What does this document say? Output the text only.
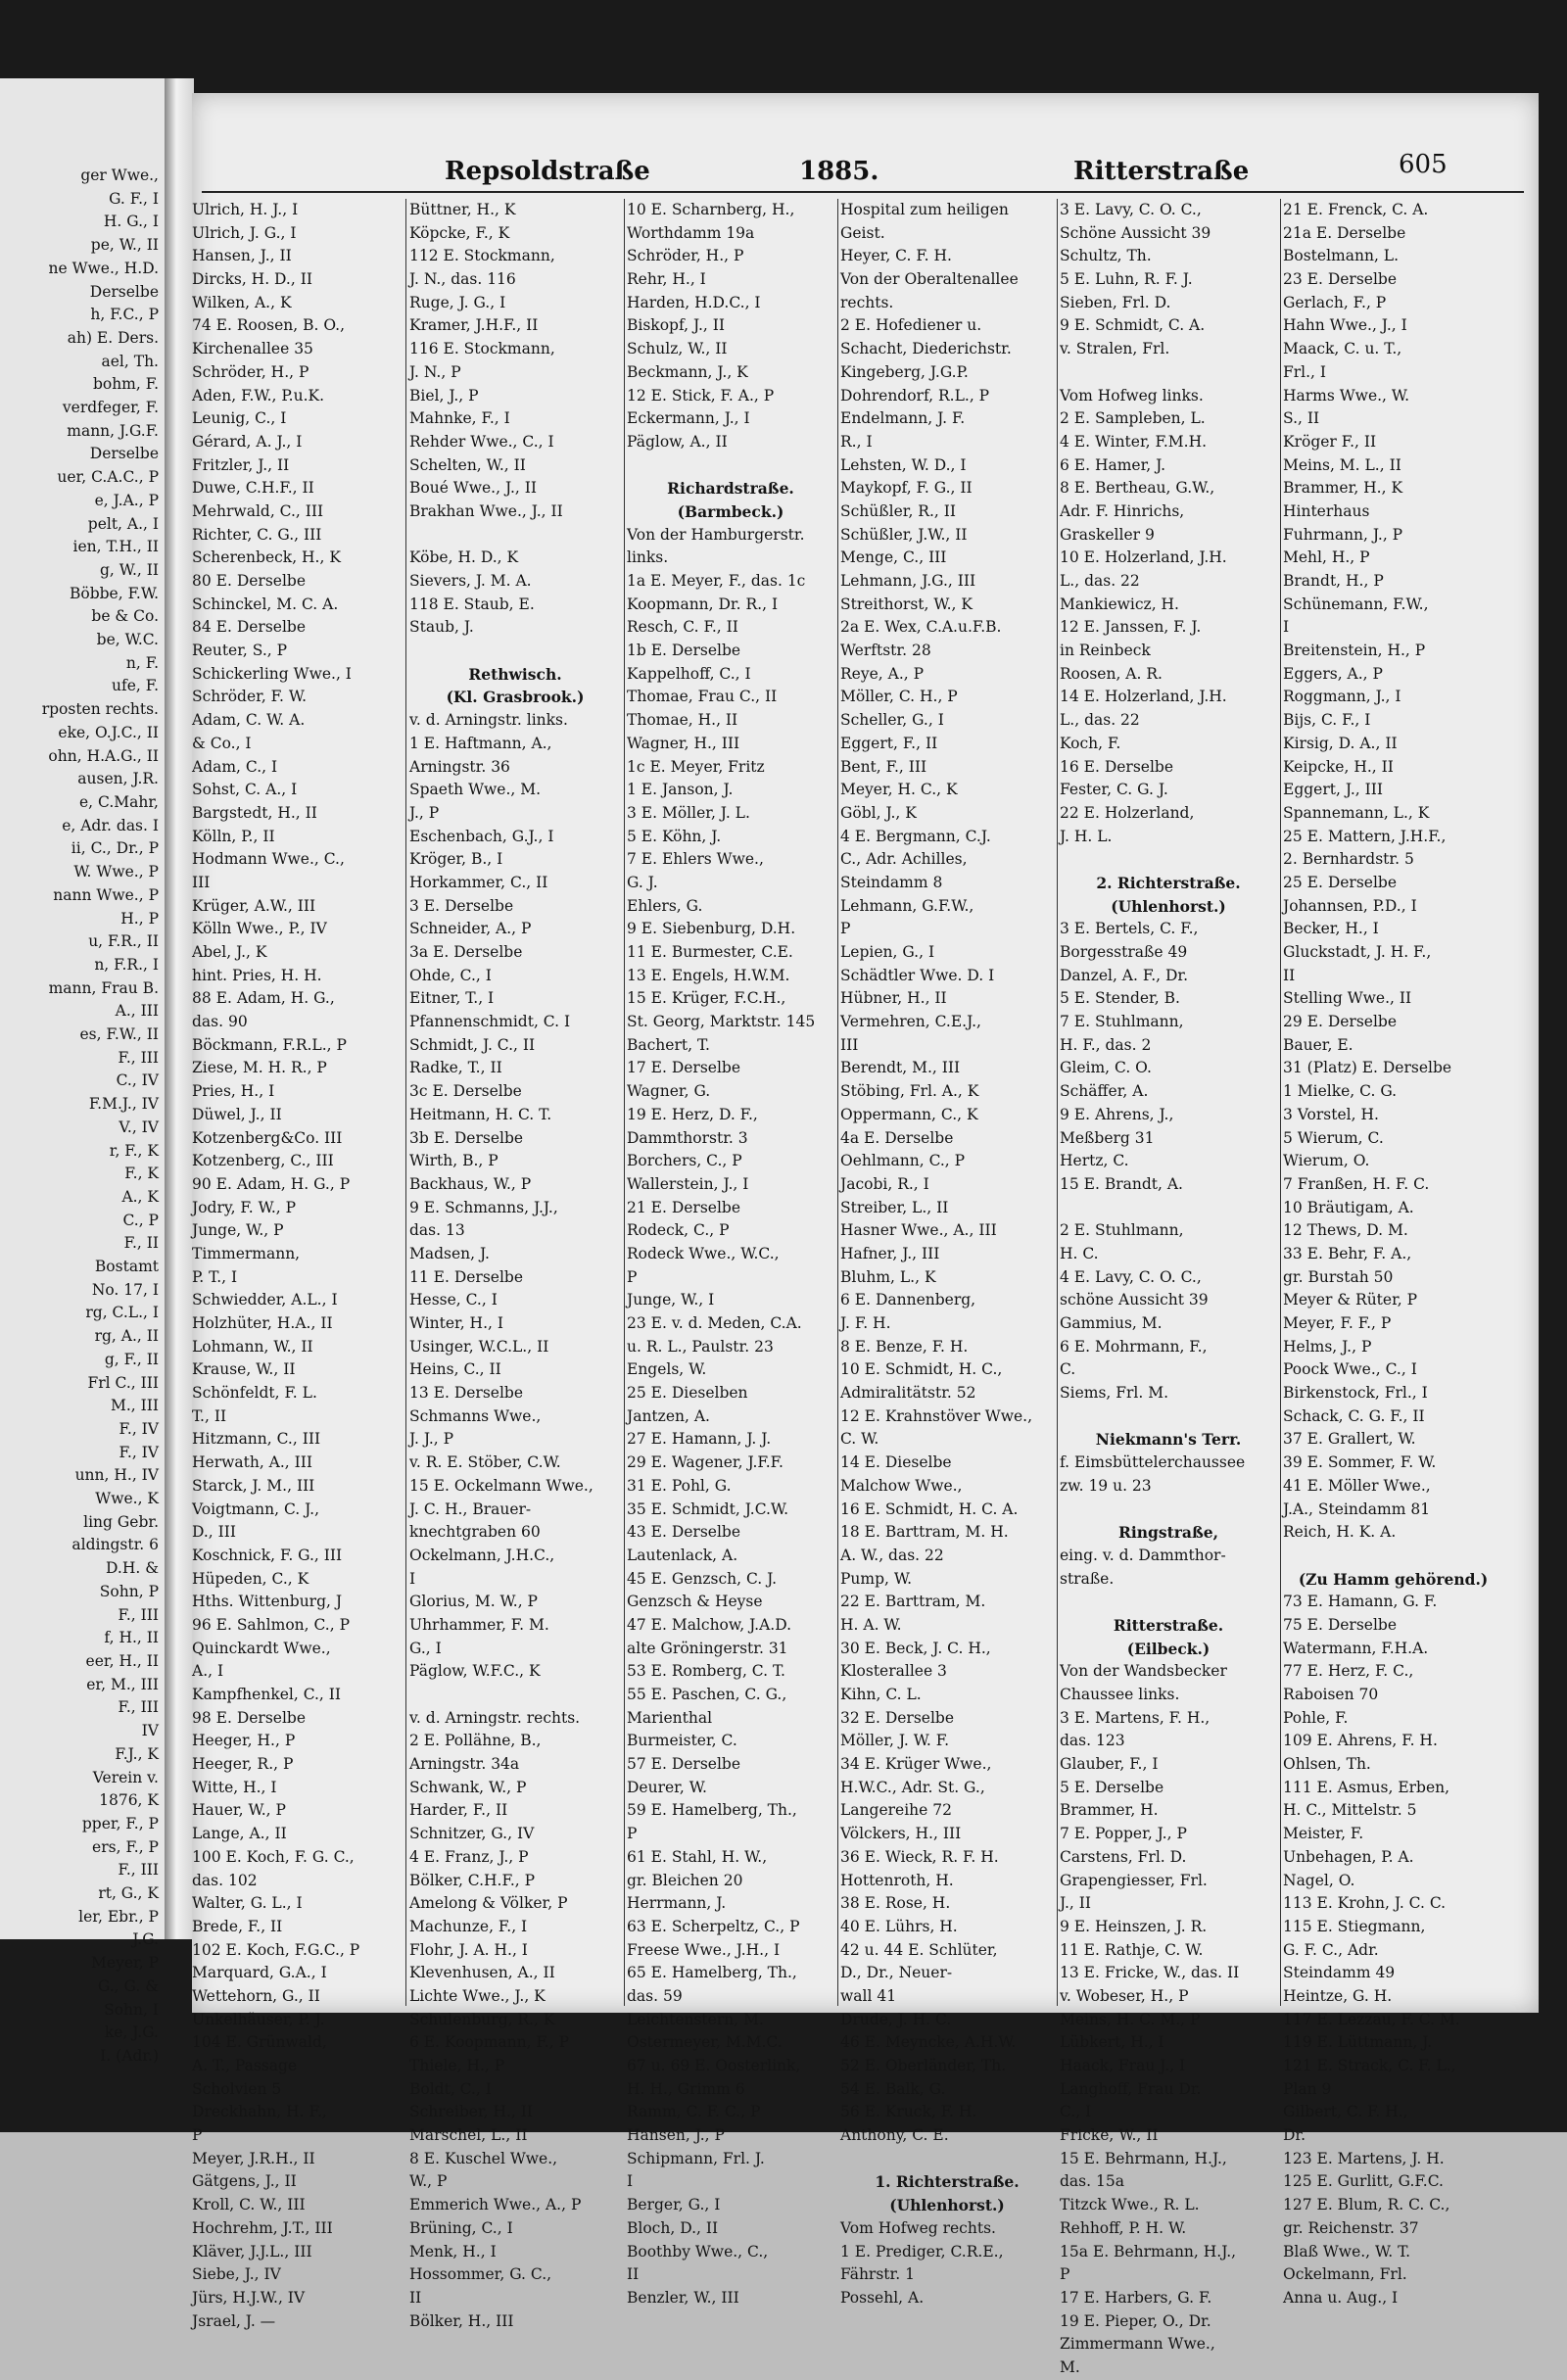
ger Wwe.,
G. F., I
H. G., I
pe, W., II
ne Wwe., H.D.
Derselbe
h, F.C., P
ah) E. Ders.
ael, Th.
bohm, F.
verdfeger, F.
mann, J.G.F.
Derselbe
uer, C.A.C., P
e, J.A., P
pelt, A., I
ien, T.H., II
g, W., II
Böbbe, F.W.
be & Co.
be, W.C.
n, F.
ufe, F.
rposten rechts.
eke, O.J.C., II
ohn, H.A.G., II
ausen, J.R.
e, C.Mahr,
e, Adr. das. I
ii, C., Dr., P
W. Wwe., P
nann Wwe., P
H., P
u, F.R., II
n, F.R., I
mann, Frau B.
A., III
es, F.W., II
F., III
C., IV
F.M.J., IV
V., IV
r, F., K
F., K
A., K
C., P
F., II
Bostamt
No. 17, I
rg, C.L., I
rg, A., II
g, F., II
Frl C., III
M., III
F., IV
F., IV
unn, H., IV
Wwe., K
ling Gebr.
aldingstr. 6
D.H. &
Sohn, P
F., III
f, H., II
eer, H., II
er, M., III
F., III
IV
F.J., K
Verein v.
1876, K
pper, F., P
ers, F., P
F., III
rt, G., K
ler, Ebr., P
J.G.
Meyer, P
G., G. &
Sohn, I
ke, J.G.
I. (Adr.)
Repsoldstraße	1885.	Ritterstraße	605
Ulrich, H. J., I
Ulrich, J. G., I
Hansen, J., II
Dircks, H. D., II
Wilken, A., K
74 E. Roosen, B. O.,
Kirchenallee 35
Schröder, H., P
Aden, F.W., P.u.K.
Leunig, C., I
Gérard, A. J., I
Fritzler, J., II
Duwe, C.H.F., II
Mehrwald, C., III
Richter, C. G., III
Scherenbeck, H., K
80 E. Derselbe
Schinckel, M. C. A.
84 E. Derselbe
Reuter, S., P
Schickerling Wwe., I
Schröder, F. W.
Adam, C. W. A.
& Co., I
Adam, C., I
Sohst, C. A., I
Bargstedt, H., II
Kölln, P., II
Hodmann Wwe., C.,
III
Krüger, A.W., III
Kölln Wwe., P., IV
Abel, J., K
hint. Pries, H. H.
88 E. Adam, H. G.,
das. 90
Böckmann, F.R.L., P
Ziese, M. H. R., P
Pries, H., I
Düwel, J., II
Kotzenberg&Co. III
Kotzenberg, C., III
90 E. Adam, H. G., P
Jodry, F. W., P
Junge, W., P
Timmermann,
P. T., I
Schwiedder, A.L., I
Holzhüter, H.A., II
Lohmann, W., II
Krause, W., II
Schönfeldt, F. L.
T., II
Hitzmann, C., III
Herwath, A., III
Starck, J. M., III
Voigtmann, C. J.,
D., III
Koschnick, F. G., III
Hüpeden, C., K
Hths. Wittenburg, J
96 E. Sahlmon, C., P
Quinckardt Wwe.,
A., I
Kampfhenkel, C., II
98 E. Derselbe
Heeger, H., P
Heeger, R., P
Witte, H., I
Hauer, W., P
Lange, A., II
100 E. Koch, F. G. C.,
das. 102
Walter, G. L., I
Brede, F., II
102 E. Koch, F.G.C., P
Marquard, G.A., I
Wettehorn, G., II
Unkelhäuser, P. J.
104 E. Grünwald,
A. T., Passage
Scholvien 5
Dreckhahn, H. F.,
P
Meyer, J.R.H., II
Gätgens, J., II
Kroll, C. W., III
Hochrehm, J.T., III
Kläver, J.J.L., III
Siebe, J., IV
Jürs, H.J.W., IV
Jsrael, J. —
Büttner, H., K
Köpcke, F., K
112 E. Stockmann,
J. N., das. 116
Ruge, J. G., I
Kramer, J.H.F., II
116 E. Stockmann,
J. N., P
Biel, J., P
Mahnke, F., I
Rehder Wwe., C., I
Schelten, W., II
Boué Wwe., J., II
Brakhan Wwe., J., II
Köbe, H. D., K
Sievers, J. M. A.
118 E. Staub, E.
Staub, J.
Rethwisch.
(Kl. Grasbrook.)
v. d. Arningstr. links.
1 E. Haftmann, A.,
Arningstr. 36
Spaeth Wwe., M.
J., P
Eschenbach, G.J., I
Kröger, B., I
Horkammer, C., II
3 E. Derselbe
Schneider, A., P
3a E. Derselbe
Ohde, C., I
Eitner, T., I
Pfannenschmidt, C. I
Schmidt, J. C., II
Radke, T., II
3c E. Derselbe
Heitmann, H. C. T.
3b E. Derselbe
Wirth, B., P
Backhaus, W., P
9 E. Schmanns, J.J.,
das. 13
Madsen, J.
11 E. Derselbe
Hesse, C., I
Winter, H., I
Usinger, W.C.L., II
Heins, C., II
13 E. Derselbe
Schmanns Wwe.,
J. J., P
v. R. E. Stöber, C.W.
15 E. Ockelmann Wwe.,
J. C. H., Brauer-
knechtgraben 60
Ockelmann, J.H.C.,
I
Glorius, M. W., P
Uhrhammer, F. M.
G., I
Päglow, W.F.C., K
v. d. Arningstr. rechts.
2 E. Pollähne, B.,
Arningstr. 34a
Schwank, W., P
Harder, F., II
Schnitzer, G., IV
4 E. Franz, J., P
Bölker, C.H.F., P
Amelong & Völker, P
Machunze, F., I
Flohr, J. A. H., I
Klevenhusen, A., II
Lichte Wwe., J., K
Schulenburg, R., K
6 E. Koopmann, F., P
Thiele, H., P
Boldt, C., I
Schreiber, H., II
Marschel, L., II
8 E. Kuschel Wwe.,
W., P
Emmerich Wwe., A., P
Brüning, C., I
Menk, H., I
Hossommer, G. C.,
II
Bölker, H., III
10 E. Scharnberg, H.,
Worthdamm 19a
Schröder, H., P
Rehr, H., I
Harden, H.D.C., I
Biskopf, J., II
Schulz, W., II
Beckmann, J., K
12 E. Stick, F. A., P
Eckermann, J., I
Päglow, A., II
Richardstraße.
(Barmbeck.)
Von der Hamburgerstr.
links.
1a E. Meyer, F., das. 1c
Koopmann, Dr. R., I
Resch, C. F., II
1b E. Derselbe
Kappelhoff, C., I
Thomae, Frau C., II
Thomae, H., II
Wagner, H., III
1c E. Meyer, Fritz
1 E. Janson, J.
3 E. Möller, J. L.
5 E. Köhn, J.
7 E. Ehlers Wwe.,
G. J.
Ehlers, G.
9 E. Siebenburg, D.H.
11 E. Burmester, C.E.
13 E. Engels, H.W.M.
15 E. Krüger, F.C.H.,
St. Georg, Marktstr. 145
Bachert, T.
17 E. Derselbe
Wagner, G.
19 E. Herz, D. F.,
Dammthorstr. 3
Borchers, C., P
Wallerstein, J., I
21 E. Derselbe
Rodeck, C., P
Rodeck Wwe., W.C.,
P
Junge, W., I
23 E. v. d. Meden, C.A.
u. R. L., Paulstr. 23
Engels, W.
25 E. Dieselben
Jantzen, A.
27 E. Hamann, J. J.
29 E. Wagener, J.F.F.
31 E. Pohl, G.
35 E. Schmidt, J.C.W.
43 E. Derselbe
Lautenlack, A.
45 E. Genzsch, C. J.
Genzsch & Heyse
47 E. Malchow, J.A.D.
alte Gröningerstr. 31
53 E. Romberg, C. T.
55 E. Paschen, C. G.,
Marienthal
Burmeister, C.
57 E. Derselbe
Deurer, W.
59 E. Hamelberg, Th.,
P
61 E. Stahl, H. W.,
gr. Bleichen 20
Herrmann, J.
63 E. Scherpeltz, C., P
Freese Wwe., J.H., I
65 E. Hamelberg, Th.,
das. 59
Leichtenstern, M.
Ostermeyer, M.M.C.
67 u. 69 E. Oosterlink,
H. H., Grimm 6
Ramm, C. F. C., P
Hansen, J., P
Schipmann, Frl. J.
I
Berger, G., I
Bloch, D., II
Boothby Wwe., C.,
II
Benzler, W., III
Hospital zum heiligen
Geist.
Heyer, C. F. H.
Von der Oberaltenallee
rechts.
2 E. Hofediener u.
Schacht, Diederichstr.
Kingeberg, J.G.P.
Dohrendorf, R.L., P
Endelmann, J. F.
R., I
Lehsten, W. D., I
Maykopf, F. G., II
Schüßler, R., II
Schüßler, J.W., II
Menge, C., III
Lehmann, J.G., III
Streithorst, W., K
2a E. Wex, C.A.u.F.B.
Werftstr. 28
Reye, A., P
Möller, C. H., P
Scheller, G., I
Eggert, F., II
Bent, F., III
Meyer, H. C., K
Göbl, J., K
4 E. Bergmann, C.J.
C., Adr. Achilles,
Steindamm 8
Lehmann, G.F.W.,
P
Lepien, G., I
Schädtler Wwe. D. I
Hübner, H., II
Vermehren, C.E.J.,
III
Berendt, M., III
Stöbing, Frl. A., K
Oppermann, C., K
4a E. Derselbe
Oehlmann, C., P
Jacobi, R., I
Streiber, L., II
Hasner Wwe., A., III
Hafner, J., III
Bluhm, L., K
6 E. Dannenberg,
J. F. H.
8 E. Benze, F. H.
10 E. Schmidt, H. C.,
Admiralitätstr. 52
12 E. Krahnstöver Wwe.,
C. W.
14 E. Dieselbe
Malchow Wwe.,
16 E. Schmidt, H. C. A.
18 E. Barttram, M. H.
A. W., das. 22
Pump, W.
22 E. Barttram, M.
H. A. W.
30 E. Beck, J. C. H.,
Klosterallee 3
Kihn, C. L.
32 E. Derselbe
Möller, J. W. F.
34 E. Krüger Wwe.,
H.W.C., Adr. St. G.,
Langereihe 72
Völckers, H., III
36 E. Wieck, R. F. H.
Hottenroth, H.
38 E. Rose, H.
40 E. Lührs, H.
42 u. 44 E. Schlüter,
D., Dr., Neuer-
wall 41
Drude, J. H. C.
46 E. Meyncke, A.H.W.
52 E. Oberländer, Th.
54 E. Balk, G.
56 E. Kruck, F. H.
Anthony, C. E.
1. Richterstraße.
(Uhlenhorst.)
Vom Hofweg rechts.
1 E. Prediger, C.R.E.,
Fährstr. 1
Possehl, A.
3 E. Lavy, C. O. C.,
Schöne Aussicht 39
Schultz, Th.
5 E. Luhn, R. F. J.
Sieben, Frl. D.
9 E. Schmidt, C. A.
v. Stralen, Frl.
Vom Hofweg links.
2 E. Sampleben, L.
4 E. Winter, F.M.H.
6 E. Hamer, J.
8 E. Bertheau, G.W.,
Adr. F. Hinrichs,
Graskeller 9
10 E. Holzerland, J.H.
L., das. 22
Mankiewicz, H.
12 E. Janssen, F. J.
in Reinbeck
Roosen, A. R.
14 E. Holzerland, J.H.
L., das. 22
Koch, F.
16 E. Derselbe
Fester, C. G. J.
22 E. Holzerland,
J. H. L.
2. Richterstraße.
(Uhlenhorst.)
3 E. Bertels, C. F.,
Borgesstraße 49
Danzel, A. F., Dr.
5 E. Stender, B.
7 E. Stuhlmann,
H. F., das. 2
Gleim, C. O.
Schäffer, A.
9 E. Ahrens, J.,
Meßberg 31
Hertz, C.
15 E. Brandt, A.
2 E. Stuhlmann,
H. C.
4 E. Lavy, C. O. C.,
schöne Aussicht 39
Gammius, M.
6 E. Mohrmann, F.,
C.
Siems, Frl. M.
Niekmann's Terr.
f. Eimsbüttelerchaussee
zw. 19 u. 23
Ringstraße,
eing. v. d. Dammthor-
straße.
Ritterstraße.
(Eilbeck.)
Von der Wandsbecker
Chaussee links.
3 E. Martens, F. H.,
das. 123
Glauber, F., I
5 E. Derselbe
Brammer, H.
7 E. Popper, J., P
Carstens, Frl. D.
Grapengiesser, Frl.
J., II
9 E. Heinszen, J. R.
11 E. Rathje, C. W.
13 E. Fricke, W., das. II
v. Wobeser, H., P
Meins, H. C. M., P
Lübkert, H., I
Haack, Frau J., I
Langhoff, Frau Dr.
C., I
Fricke, W., II
15 E. Behrmann, H.J.,
das. 15a
Titzck Wwe., R. L.
Rehhoff, P. H. W.
15a E. Behrmann, H.J.,
P
17 E. Harbers, G. F.
19 E. Pieper, O., Dr.
Zimmermann Wwe.,
M.
21 E. Frenck, C. A.
21a E. Derselbe
Bostelmann, L.
23 E. Derselbe
Gerlach, F., P
Hahn Wwe., J., I
Maack, C. u. T.,
Frl., I
Harms Wwe., W.
S., II
Kröger F., II
Meins, M. L., II
Brammer, H., K
Hinterhaus
Fuhrmann, J., P
Mehl, H., P
Brandt, H., P
Schünemann, F.W.,
I
Breitenstein, H., P
Eggers, A., P
Roggmann, J., I
Bijs, C. F., I
Kirsig, D. A., II
Keipcke, H., II
Eggert, J., III
Spannemann, L., K
25 E. Mattern, J.H.F.,
2. Bernhardstr. 5
25 E. Derselbe
Johannsen, P.D., I
Becker, H., I
Gluckstadt, J. H. F.,
II
Stelling Wwe., II
29 E. Derselbe
Bauer, E.
31 (Platz) E. Derselbe
1 Mielke, C. G.
3 Vorstel, H.
5 Wierum, C.
Wierum, O.
7 Franßen, H. F. C.
10 Bräutigam, A.
12 Thews, D. M.
33 E. Behr, F. A.,
gr. Burstah 50
Meyer & Rüter, P
Meyer, F. F., P
Helms, J., P
Poock Wwe., C., I
Birkenstock, Frl., I
Schack, C. G. F., II
37 E. Grallert, W.
39 E. Sommer, F. W.
41 E. Möller Wwe.,
J.A., Steindamm 81
Reich, H. K. A.
(Zu Hamm gehörend.)
73 E. Hamann, G. F.
75 E. Derselbe
Watermann, F.H.A.
77 E. Herz, F. C.,
Raboisen 70
Pohle, F.
109 E. Ahrens, F. H.
Ohlsen, Th.
111 E. Asmus, Erben,
H. C., Mittelstr. 5
Meister, F.
Unbehagen, P. A.
Nagel, O.
113 E. Krohn, J. C. C.
115 E. Stiegmann,
G. F. C., Adr.
Steindamm 49
Heintze, G. H.
117 E. Lezzau, F. C. M.
119 E. Lüttmann, J.
121 E. Strack, C. F. L.,
Plan 9
Gilbert, C. F. H.,
Dr.
123 E. Martens, J. H.
125 E. Gurlitt, G.F.C.
127 E. Blum, R. C. C.,
gr. Reichenstr. 37
Blaß Wwe., W. T.
Ockelmann, Frl.
Anna u. Aug., I
